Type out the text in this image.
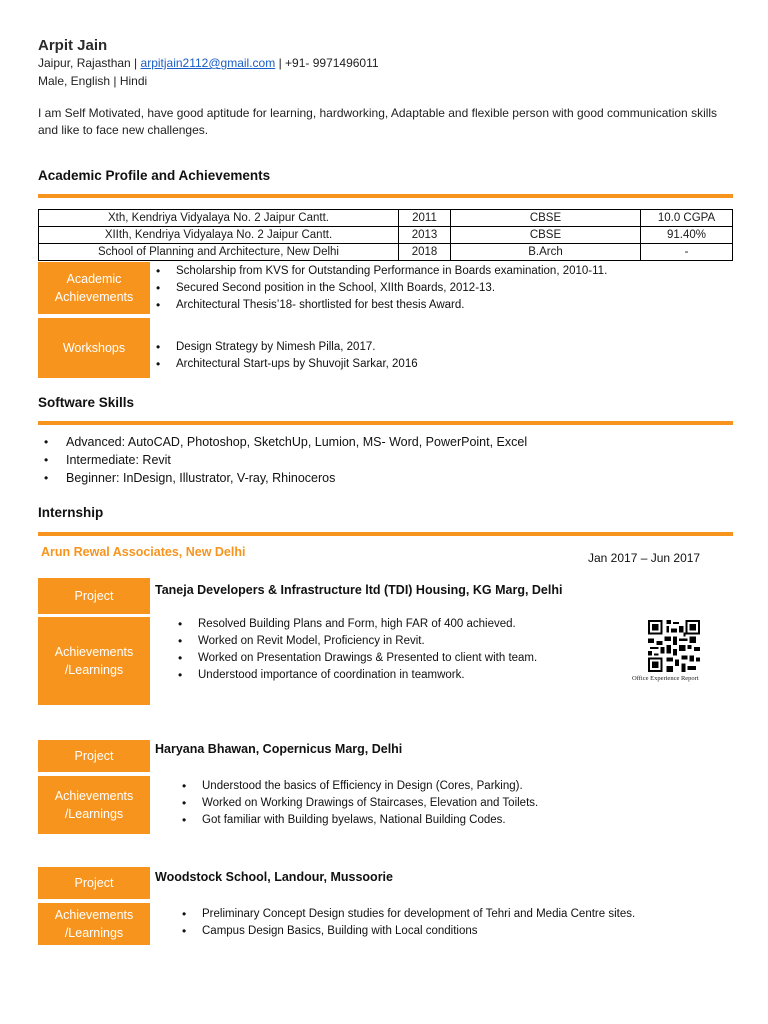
Arpit Jain
Jaipur, Rajasthan | arpitjain2112@gmail.com | +91- 9971496011
Male, English | Hindi
I am Self Motivated, have good aptitude for learning, hardworking, Adaptable and flexible person with good communication skills and like to face new challenges.
Academic Profile and Achievements
Xth, Kendriya Vidyalaya No. 2 Jaipur Cantt.	2011	CBSE	10.0 CGPA
XIIth, Kendriya Vidyalaya No. 2 Jaipur Cantt.	2013	CBSE	91.40%
School of Planning and Architecture, New Delhi	2018	B.Arch	-
Academic Achievements
• Scholarship from KVS for Outstanding Performance in Boards examination, 2010-11.
• Secured Second position in the School, XIIth Boards, 2012-13.
• Architectural Thesis’18- shortlisted for best thesis Award.
Workshops	• Design Strategy by Nimesh Pilla, 2017.
• Architectural Start-ups by Shuvojit Sarkar, 2016
Software Skills
• Advanced: AutoCAD, Photoshop, SketchUp, Lumion, MS- Word, PowerPoint, Excel
• Intermediate: Revit
• Beginner: InDesign, Illustrator, V-ray, Rhinoceros
Internship
Arun Rewal Associates, New Delhi	Jan 2017 – Jun 2017
Project	Taneja Developers & Infrastructure ltd (TDI) Housing, KG Marg, Delhi
Achievements /Learnings
• Resolved Building Plans and Form, high FAR of 400 achieved.
• Worked on Revit Model, Proficiency in Revit.
• Worked on Presentation Drawings & Presented to client with team.
• Understood importance of coordination in teamwork.	Office Experience Report
Project	Haryana Bhawan, Copernicus Marg, Delhi
Achievements /Learnings
• Understood the basics of Efficiency in Design (Cores, Parking).
• Worked on Working Drawings of Staircases, Elevation and Toilets.
• Got familiar with Building byelaws, National Building Codes.
Project	Woodstock School, Landour, Mussoorie
Achievements /Learnings
• Preliminary Concept Design studies for development of Tehri and Media Centre sites.
• Campus Design Basics, Building with Local conditions
